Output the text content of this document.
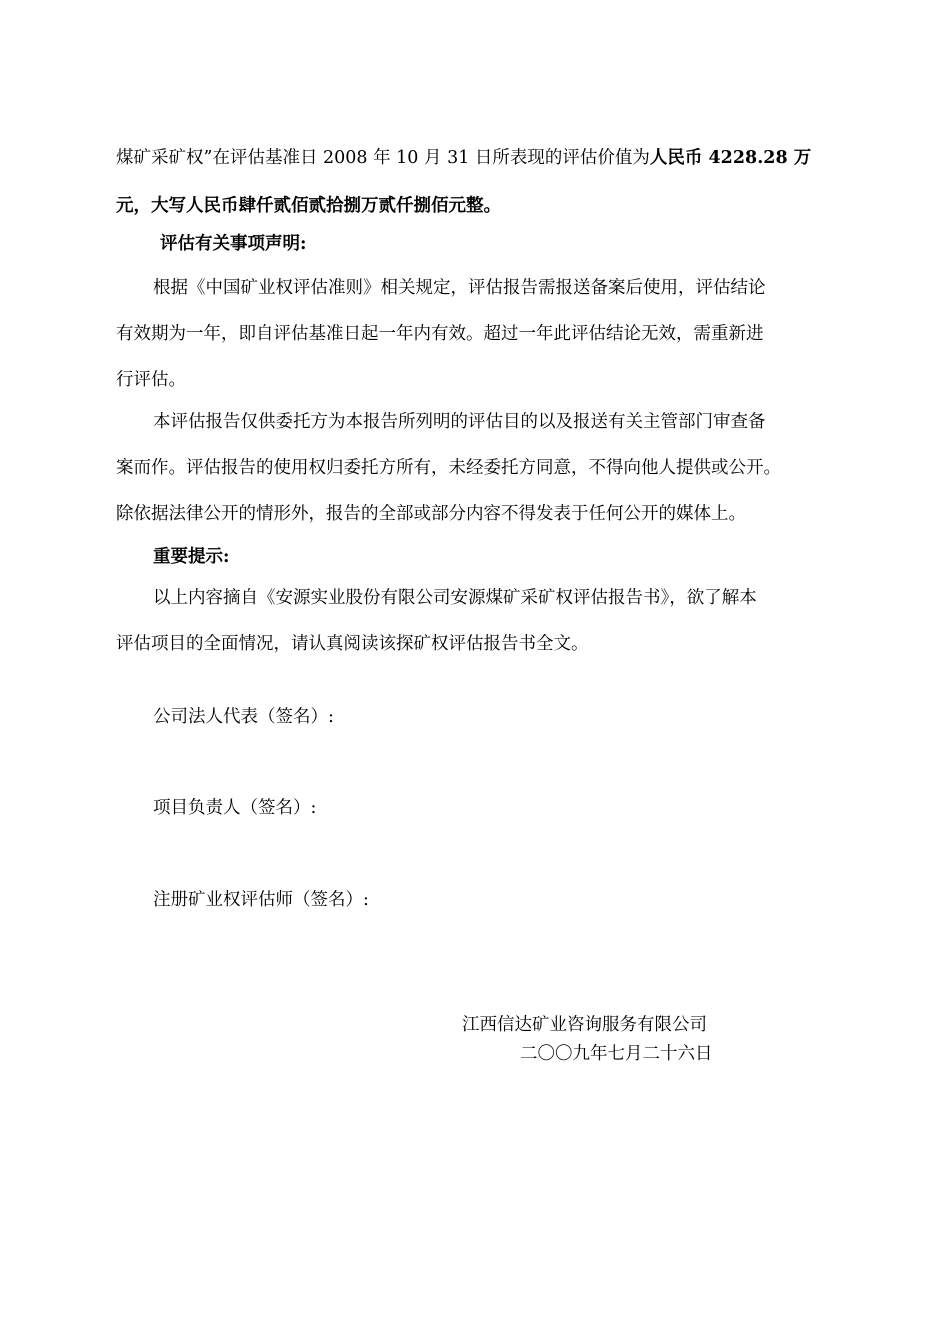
煤矿采矿权”在评估基准日 2008 年 10 月 31 日所表现的评估价值为人民币 4228.28 万
元，大写人民币肆仟贰佰贰拾捌万贰仟捌佰元整。
评估有关事项声明:
根据《中国矿业权评估准则》相关规定，评估报告需报送备案后使用，评估结论
有效期为一年，即自评估基准日起一年内有效。超过一年此评估结论无效，需重新进
行评估。
本评估报告仅供委托方为本报告所列明的评估目的以及报送有关主管部门审查备
案而作。评估报告的使用权归委托方所有，未经委托方同意，不得向他人提供或公开。
除依据法律公开的情形外，报告的全部或部分内容不得发表于任何公开的媒体上。
重要提示:
以上内容摘自《安源实业股份有限公司安源煤矿采矿权评估报告书》，欲了解本
评估项目的全面情况，请认真阅读该探矿权评估报告书全文。
公司法人代表（签名）:
项目负责人（签名）:
注册矿业权评估师（签名）:
江西信达矿业咨询服务有限公司
二〇〇九年七月二十六日
